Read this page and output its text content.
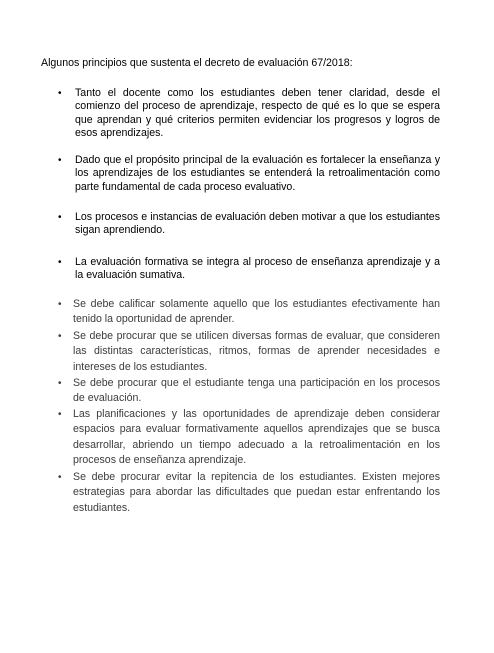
Algunos principios que sustenta el decreto de evaluación 67/2018:

•	Tanto el docente como los estudiantes deben tener claridad, desde el comienzo del proceso de aprendizaje, respecto de qué es lo que se espera que aprendan y qué criterios permiten evidenciar los progresos y logros de esos aprendizajes.
•	Dado que el propósito principal de la evaluación es fortalecer la enseñanza y los aprendizajes de los estudiantes se entenderá la retroalimentación como parte fundamental de cada proceso evaluativo.
•	Los procesos e instancias de evaluación deben motivar a que los estudiantes sigan aprendiendo.
•	La evaluación formativa se integra al proceso de enseñanza aprendizaje y a la evaluación sumativa.
•	Se debe calificar solamente aquello que los estudiantes efectivamente han tenido la oportunidad de aprender.
•	Se debe procurar que se utilicen diversas formas de evaluar, que consideren las distintas características, ritmos, formas de aprender necesidades e intereses de los estudiantes.
•	Se debe procurar que el estudiante tenga una participación en los procesos de evaluación.
•	Las planificaciones y las oportunidades de aprendizaje deben considerar espacios para evaluar formativamente aquellos aprendizajes que se busca desarrollar, abriendo un tiempo adecuado a la retroalimentación en los procesos de enseñanza aprendizaje.
•	Se debe procurar evitar la repitencia de los estudiantes. Existen mejores estrategias para abordar las dificultades que puedan estar enfrentando los estudiantes.
